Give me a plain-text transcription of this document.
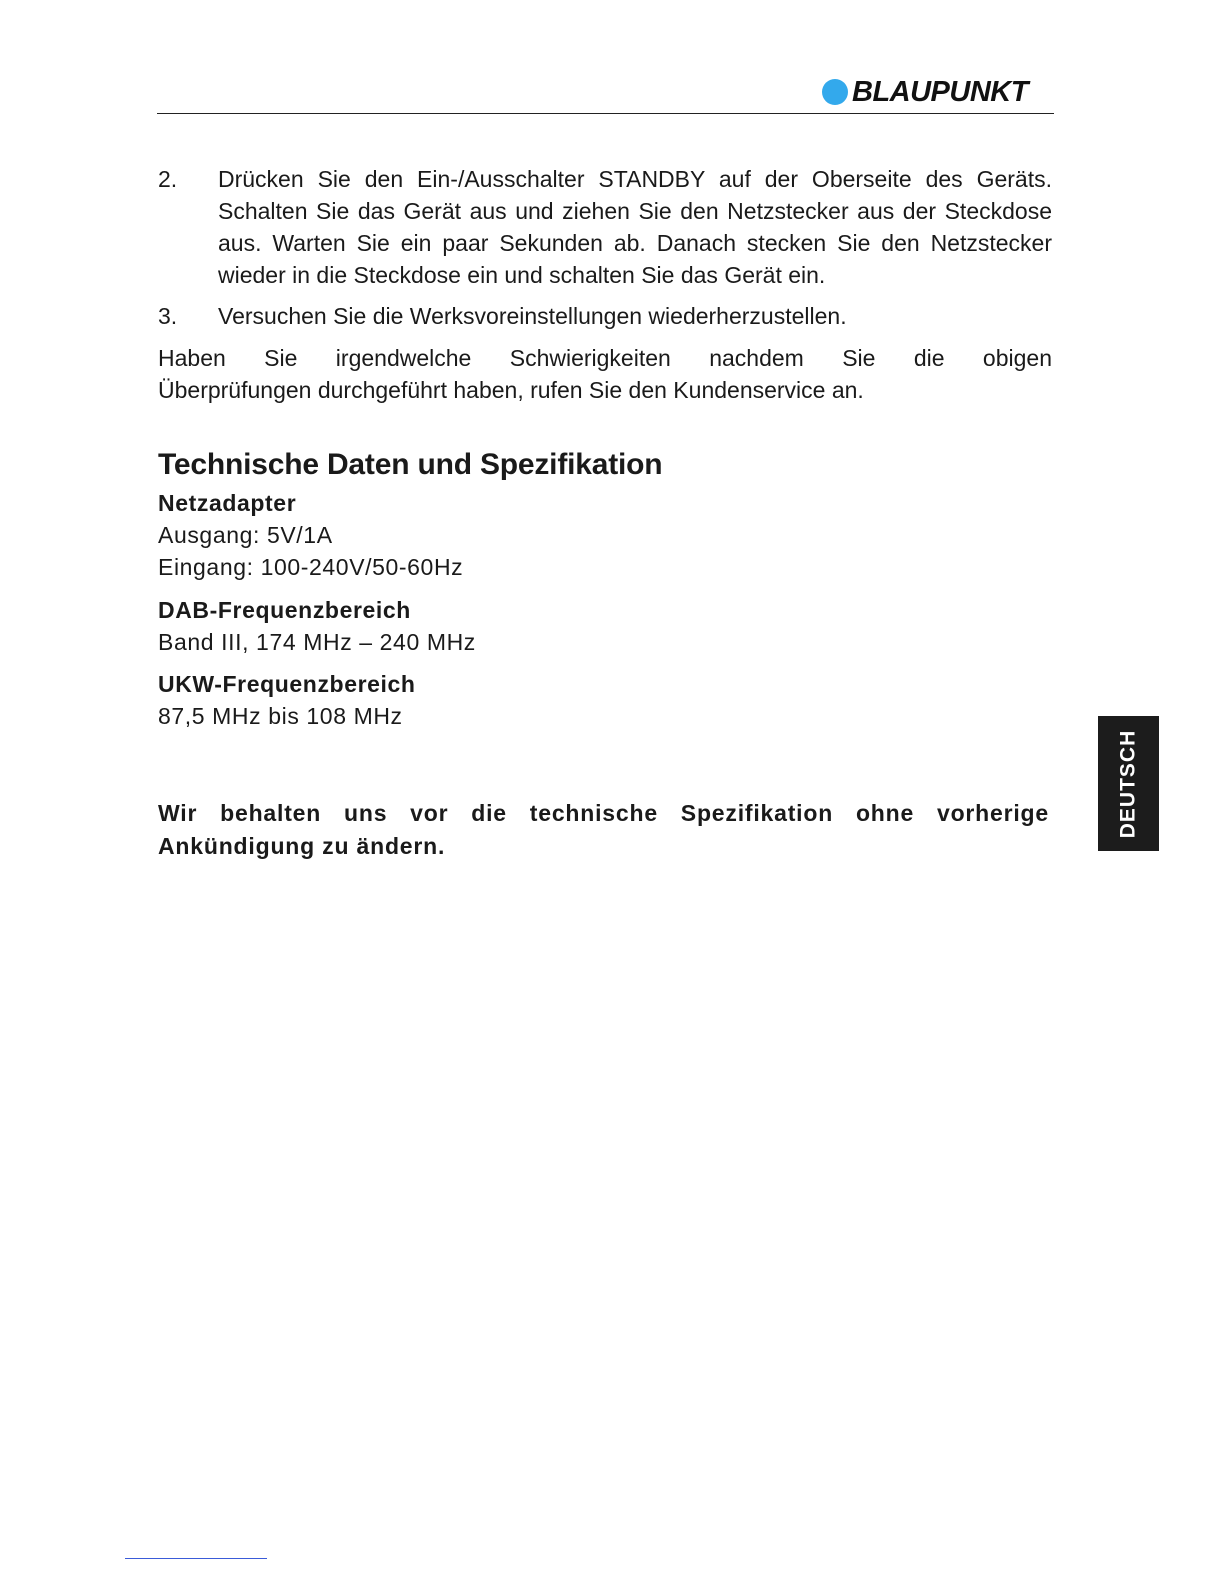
BLAUPUNKT
2.	Drücken Sie den Ein-/Ausschalter STANDBY auf der Oberseite des Geräts. Schalten Sie das Gerät aus und ziehen Sie den Netzstecker aus der Steckdose aus. Warten Sie ein paar Sekunden ab. Danach stecken Sie den Netzstecker wieder in die Steckdose ein und schalten Sie das Gerät ein.
3.	Versuchen Sie die Werksvoreinstellungen wiederherzustellen.
Haben Sie irgendwelche Schwierigkeiten nachdem Sie die obigen
Überprüfungen durchgeführt haben, rufen Sie den Kundenservice an.
Technische Daten und Spezifikation
Netzadapter
Ausgang: 5V/1A
Eingang: 100-240V/50-60Hz
DAB-Frequenzbereich
Band III, 174 MHz – 240 MHz
UKW-Frequenzbereich
87,5 MHz bis 108 MHz
Wir behalten uns vor die technische Spezifikation ohne vorherige
Ankündigung zu ändern.
DEUTSCH
